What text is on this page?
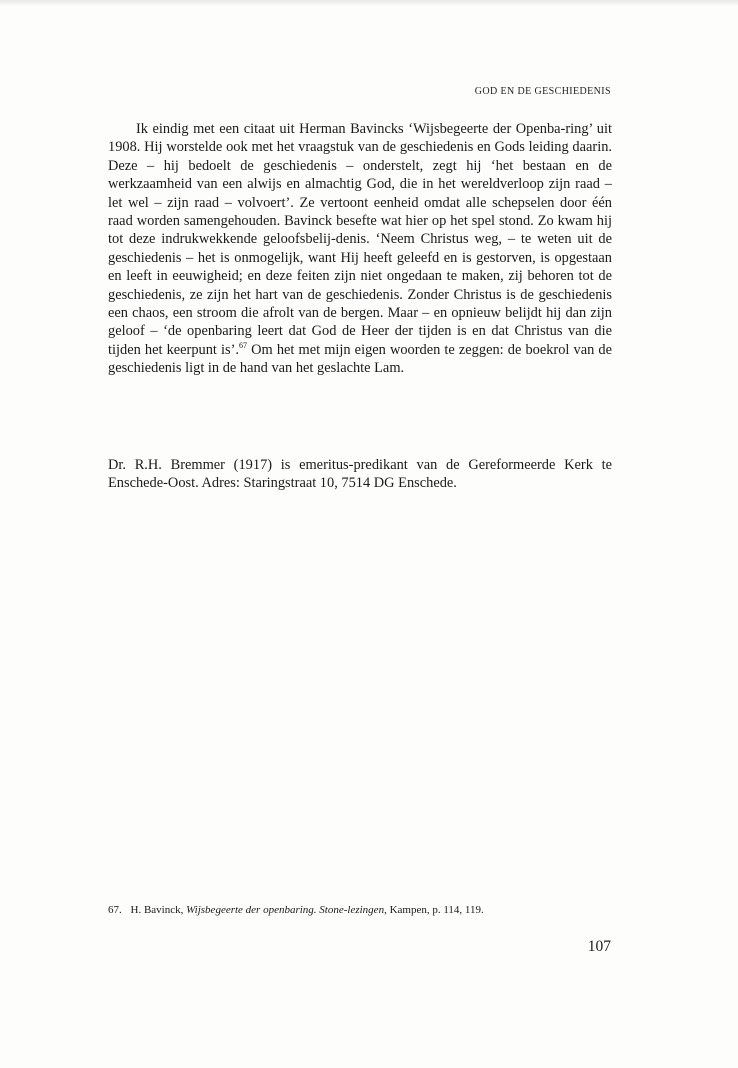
GOD EN DE GESCHIEDENIS

Ik eindig met een citaat uit Herman Bavincks ‘Wijsbegeerte der Openba-ring’ uit 1908. Hij worstelde ook met het vraagstuk van de geschiedenis en Gods leiding daarin. Deze – hij bedoelt de geschiedenis – onderstelt, zegt hij ‘het bestaan en de werkzaamheid van een alwijs en almachtig God, die in het wereldverloop zijn raad – let wel – zijn raad – volvoert’. Ze vertoont eenheid omdat alle schepselen door één raad worden samengehouden. Bavinck besefte wat hier op het spel stond. Zo kwam hij tot deze indrukwekkende geloofsbelij-denis. ‘Neem Christus weg, – te weten uit de geschiedenis – het is onmogelijk, want Hij heeft geleefd en is gestorven, is opgestaan en leeft in eeuwigheid; en deze feiten zijn niet ongedaan te maken, zij behoren tot de geschiedenis, ze zijn het hart van de geschiedenis. Zonder Christus is de geschiedenis een chaos, een stroom die afrolt van de bergen. Maar – en opnieuw belijdt hij dan zijn geloof – ‘de openbaring leert dat God de Heer der tijden is en dat Christus van die tijden het keerpunt is’.$^{67}$ Om het met mijn eigen woorden te zeggen: de boekrol van de geschiedenis ligt in de hand van het geslachte Lam.

Dr. R.H. Bremmer (1917) is emeritus-predikant van de Gereformeerde Kerk te Enschede-Oost. Adres: Staringstraat 10, 7514 DG Enschede.

67. H. Bavinck, Wijsbegeerte der openbaring. Stone-lezingen, Kampen, p. 114, 119.

107
